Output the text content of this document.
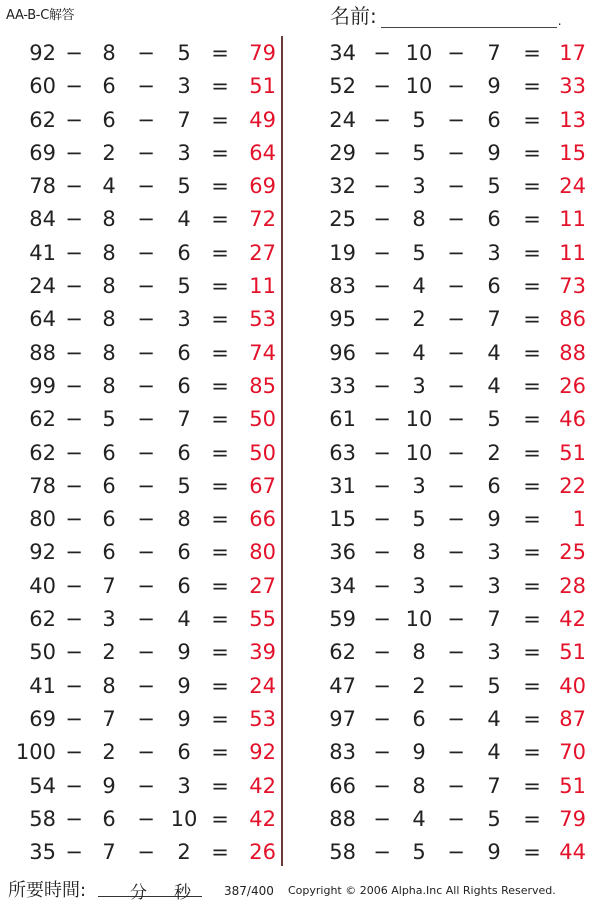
AA-B-C解答	名前:	.
92 − 8	−	5 = 79
60 − 6	−	3 = 51
62 − 6	−	7 = 49
69 − 2	−	3 = 64
78 − 4	−	5 = 69
84 − 8	−	4 = 72
41 − 8	−	6 = 27
24 − 8	−	5 = 11
64 − 8	−	3 = 53
88 − 8	−	6 = 74
99 − 8	−	6 = 85
62 − 5	−	7 = 50
62 − 6	−	6 = 50
78 − 6	−	5 = 67
80 − 6	−	8 = 66
92 − 6	−	6 = 80
40 − 7	−	6 = 27
62 − 3	−	4 = 55
50 − 2	−	9 = 39
41 − 8	−	9 = 24
69 − 7	−	9 = 53
100 − 2	−	6 = 92
54 − 9	−	3 = 42
58 − 6	− 10 = 42
35 − 7	−	2 = 26
34 − 10 −	7	= 17
52 − 10 −	9	= 33
24 −	5	−	6	= 13
29 −	5	−	9	= 15
32 −	3	−	5	= 24
25 −	8	−	6	= 11
19 −	5	−	3	= 11
83 −	4	−	6	= 73
95 −	2	−	7	= 86
96 −	4	−	4	= 88
33 −	3	−	4	= 26
61 − 10 −	5	= 46
63 − 10 −	2	= 51
31 −	3	−	6	= 22
15 −	5	−	9	=	1
36 −	8	−	3	= 25
34 −	3	−	3	= 28
59 − 10 −	7	= 42
62 −	8	−	3	= 51
47 −	2	−	5	= 40
97 −	6	−	4	= 87
83 −	9	−	4	= 70
66 −	8	−	7	= 51
88 −	4	−	5	= 79
58 −	5	−	9	= 44
所要時間:	分 秒	387/400 Copyright © 2006 Alpha.Inc All Rights Reserved.
